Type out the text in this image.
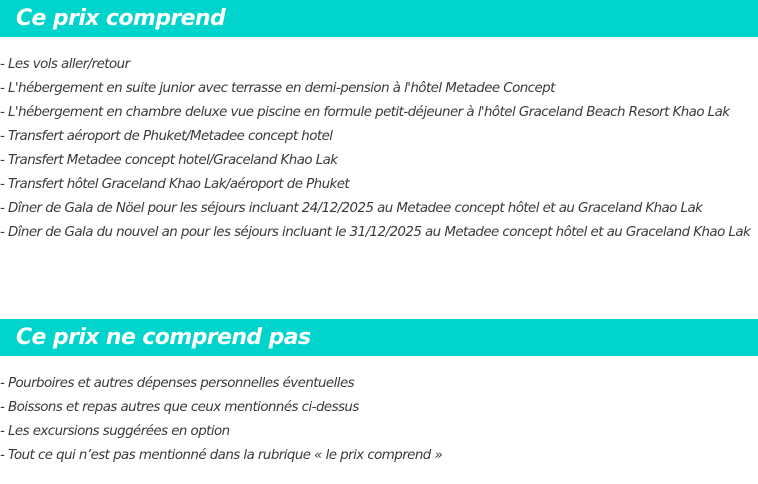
Ce prix comprend
- Les vols aller/retour
- L'hébergement en suite junior avec terrasse en demi-pension à l'hôtel Metadee Concept
- L'hébergement en chambre deluxe vue piscine en formule petit-déjeuner à l'hôtel Graceland Beach Resort Khao Lak
- Transfert aéroport de Phuket/Metadee concept hotel
- Transfert Metadee concept hotel/Graceland Khao Lak
- Transfert hôtel Graceland Khao Lak/aéroport de Phuket
- Dîner de Gala de Nöel pour les séjours incluant 24/12/2025 au Metadee concept hôtel et au Graceland Khao Lak
- Dîner de Gala du nouvel an pour les séjours incluant le 31/12/2025 au Metadee concept hôtel et au Graceland Khao Lak
Ce prix ne comprend pas
- Pourboires et autres dépenses personnelles éventuelles
- Boissons et repas autres que ceux mentionnés ci-dessus
- Les excursions suggérées en option
- Tout ce qui n’est pas mentionné dans la rubrique « le prix comprend »
